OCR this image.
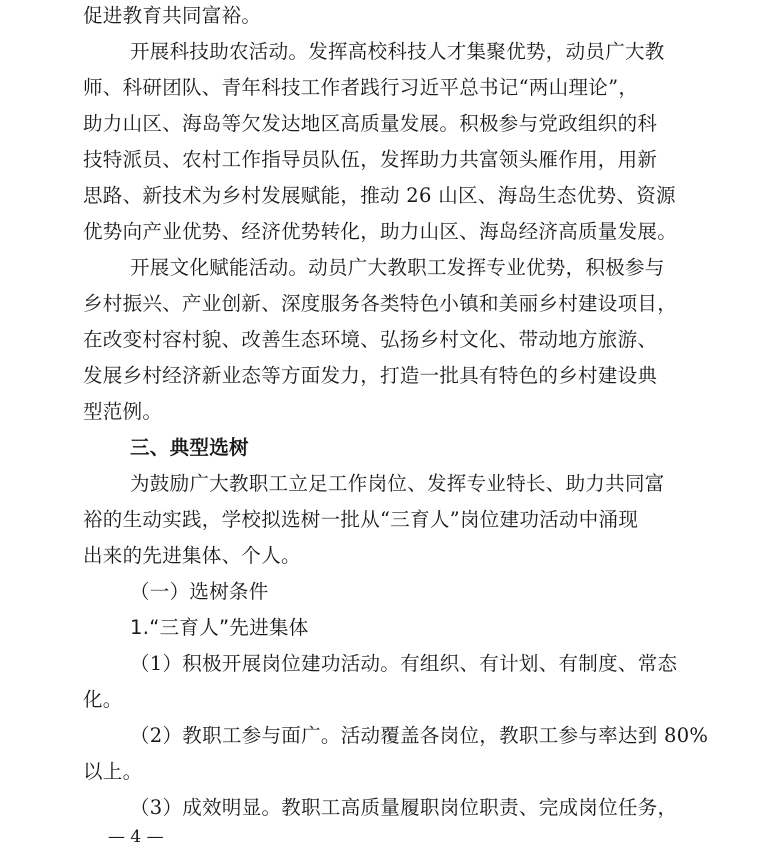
促进教育共同富裕。
开展科技助农活动。发挥高校科技人才集聚优势，动员广大教
师、科研团队、青年科技工作者践行习近平总书记“两山理论”，
助力山区、海岛等欠发达地区高质量发展。积极参与党政组织的科
技特派员、农村工作指导员队伍，发挥助力共富领头雁作用，用新
思路、新技术为乡村发展赋能，推动 26 山区、海岛生态优势、资源
优势向产业优势、经济优势转化，助力山区、海岛经济高质量发展。
开展文化赋能活动。动员广大教职工发挥专业优势，积极参与
乡村振兴、产业创新、深度服务各类特色小镇和美丽乡村建设项目，
在改变村容村貌、改善生态环境、弘扬乡村文化、带动地方旅游、
发展乡村经济新业态等方面发力，打造一批具有特色的乡村建设典
型范例。
三、典型选树
为鼓励广大教职工立足工作岗位、发挥专业特长、助力共同富
裕的生动实践，学校拟选树一批从“三育人”岗位建功活动中涌现
出来的先进集体、个人。
（一）选树条件
1.“三育人”先进集体
（1）积极开展岗位建功活动。有组织、有计划、有制度、常态
化。
（2）教职工参与面广。活动覆盖各岗位，教职工参与率达到 80%
以上。
（3）成效明显。教职工高质量履职岗位职责、完成岗位任务，
— 4 —
